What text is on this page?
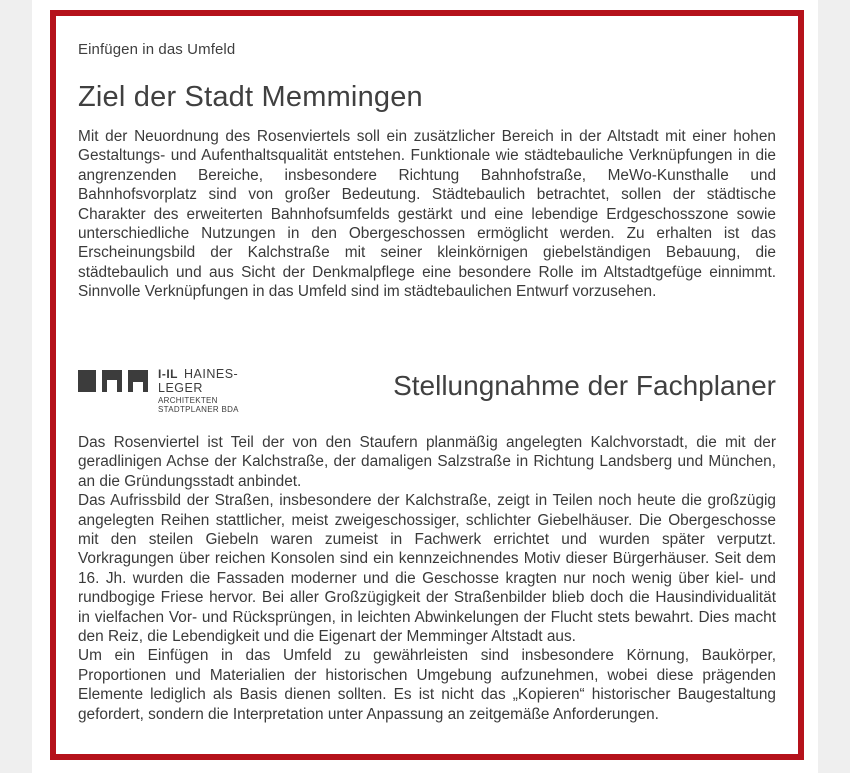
Einfügen in das Umfeld
Ziel der Stadt Memmingen

Mit der Neuordnung des Rosenviertels soll ein zusätzlicher Bereich in der Altstadt mit einer hohen Gestaltungs- und Aufenthaltsqualität entstehen. Funktionale wie städtebauliche Verknüpfungen in die angrenzenden Bereiche, insbesondere Richtung Bahnhofstraße, MeWo-Kunsthalle und Bahnhofsvorplatz sind von großer Bedeutung. Städtebaulich betrachtet, sollen der städtische Charakter des erweiterten Bahnhofsumfelds gestärkt und eine lebendige Erdgeschosszone sowie unterschiedliche Nutzungen in den Obergeschossen ermöglicht werden. Zu erhalten ist das Erscheinungsbild der Kalchstraße mit seiner kleinkörnigen giebelständigen Bebauung, die städtebaulich und aus Sicht der Denkmalpflege eine besondere Rolle im Altstadtgefüge einnimmt. Sinnvolle Verknüpfungen in das Umfeld sind im städtebaulichen Entwurf vorzusehen.

I-IL HAINES-LEGER
ARCHITEKTEN STADTPLANER BDA
Stellungnahme der Fachplaner

Das Rosenviertel ist Teil der von den Staufern planmäßig angelegten Kalchvorstadt, die mit der geradlinigen Achse der Kalchstraße, der damaligen Salzstraße in Richtung Landsberg und München, an die Gründungsstadt anbindet.

Das Aufrissbild der Straßen, insbesondere der Kalchstraße, zeigt in Teilen noch heute die großzügig angelegten Reihen stattlicher, meist zweigeschossiger, schlichter Giebelhäuser. Die Obergeschosse mit den steilen Giebeln waren zumeist in Fachwerk errichtet und wurden später verputzt. Vorkragungen über reichen Konsolen sind ein kennzeichnendes Motiv dieser Bürgerhäuser. Seit dem 16. Jh. wurden die Fassaden moderner und die Geschosse kragten nur noch wenig über kiel- und rundbogige Friese hervor. Bei aller Großzügigkeit der Straßenbilder blieb doch die Hausindividualität in vielfachen Vor- und Rücksprüngen, in leichten Abwinkelungen der Flucht stets bewahrt. Dies macht den Reiz, die Lebendigkeit und die Eigenart der Memminger Altstadt aus.

Um ein Einfügen in das Umfeld zu gewährleisten sind insbesondere Körnung, Baukörper, Proportionen und Materialien der historischen Umgebung aufzunehmen, wobei diese prägenden Elemente lediglich als Basis dienen sollten. Es ist nicht das „Kopieren“ historischer Baugestaltung gefordert, sondern die Interpretation unter Anpassung an zeitgemäße Anforderungen.
